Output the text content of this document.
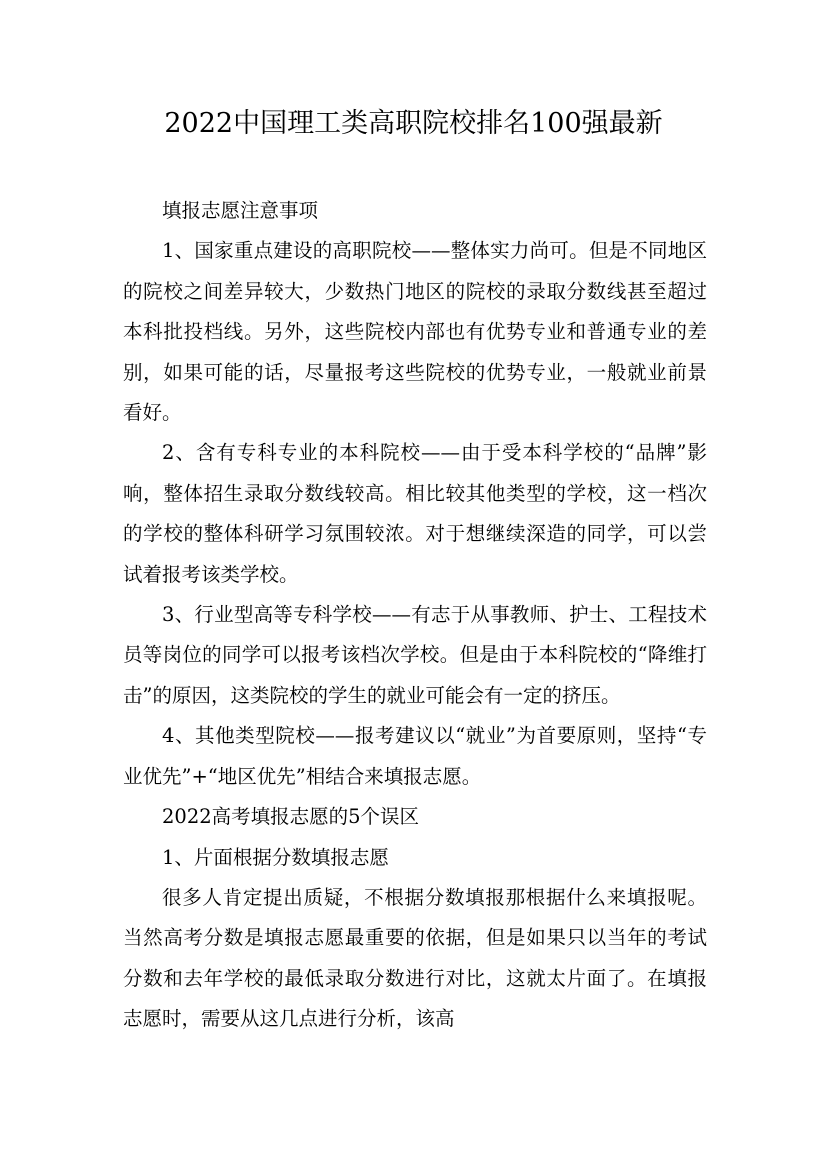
2022中国理工类高职院校排名100强最新

填报志愿注意事项

1、国家重点建设的高职院校——整体实力尚可。但是不同地区的院校之间差异较大，少数热门地区的院校的录取分数线甚至超过本科批投档线。另外，这些院校内部也有优势专业和普通专业的差别，如果可能的话，尽量报考这些院校的优势专业，一般就业前景看好。

2、含有专科专业的本科院校——由于受本科学校的“品牌”影响，整体招生录取分数线较高。相比较其他类型的学校，这一档次的学校的整体科研学习氛围较浓。对于想继续深造的同学，可以尝试着报考该类学校。

3、行业型高等专科学校——有志于从事教师、护士、工程技术员等岗位的同学可以报考该档次学校。但是由于本科院校的“降维打击”的原因，这类院校的学生的就业可能会有一定的挤压。

4、其他类型院校——报考建议以“就业”为首要原则，坚持“专业优先”+“地区优先”相结合来填报志愿。

2022高考填报志愿的5个误区

1、片面根据分数填报志愿

很多人肯定提出质疑，不根据分数填报那根据什么来填报呢。当然高考分数是填报志愿最重要的依据，但是如果只以当年的考试分数和去年学校的最低录取分数进行对比，这就太片面了。在填报志愿时，需要从这几点进行分析，该高
